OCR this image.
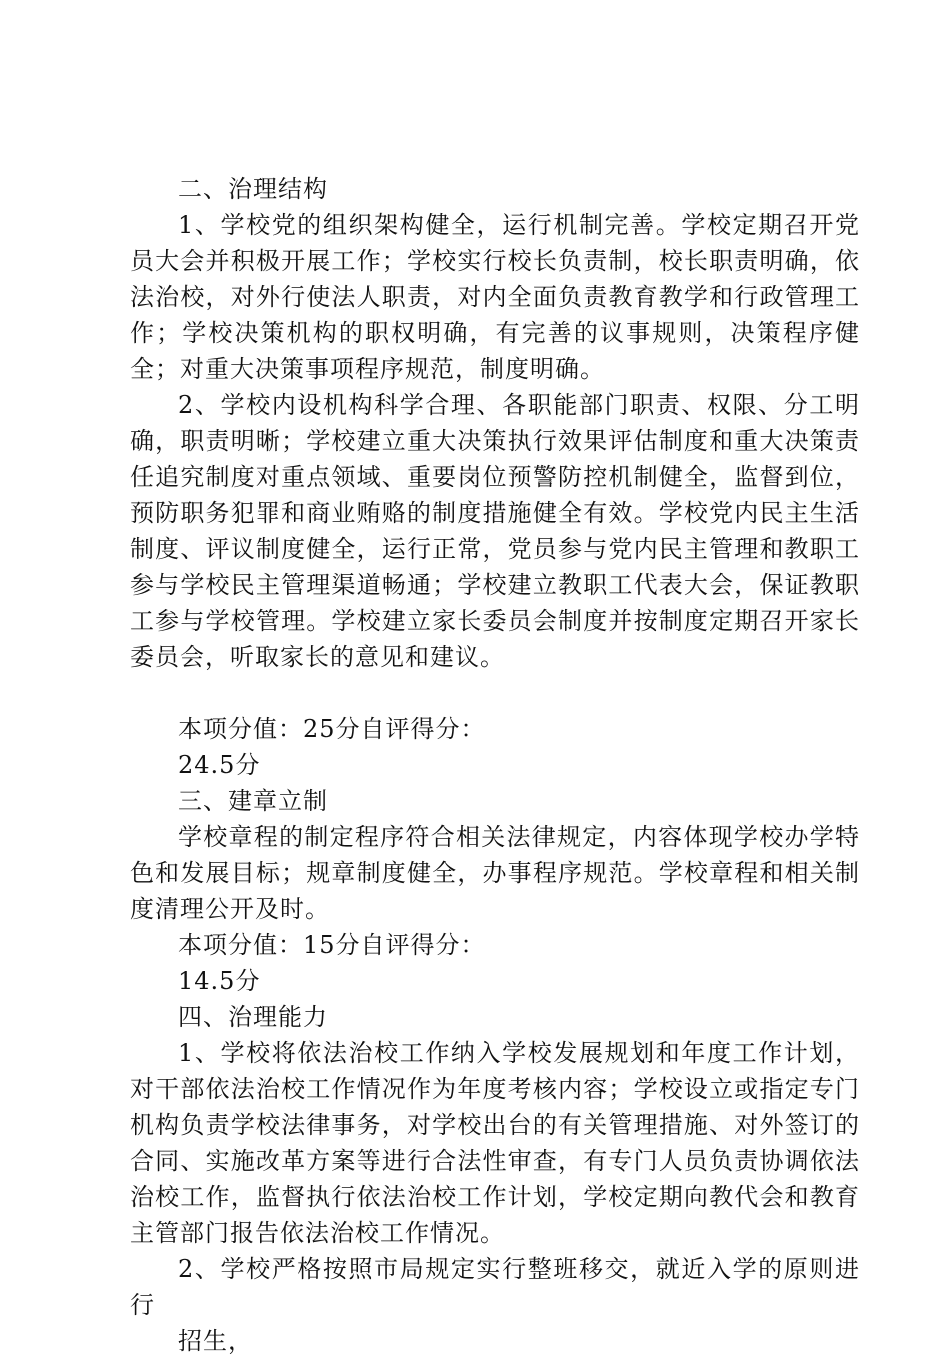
二、治理结构

1、学校党的组织架构健全，运行机制完善。学校定期召开党员大会并积极开展工作；学校实行校长负责制，校长职责明确，依法治校，对外行使法人职责，对内全面负责教育教学和行政管理工作；学校决策机构的职权明确，有完善的议事规则，决策程序健全；对重大决策事项程序规范，制度明确。

2、学校内设机构科学合理、各职能部门职责、权限、分工明确，职责明晰；学校建立重大决策执行效果评估制度和重大决策责任追究制度对重点领域、重要岗位预警防控机制健全，监督到位，预防职务犯罪和商业贿赂的制度措施健全有效。学校党内民主生活制度、评议制度健全，运行正常，党员参与党内民主管理和教职工参与学校民主管理渠道畅通；学校建立教职工代表大会，保证教职工参与学校管理。学校建立家长委员会制度并按制度定期召开家长委员会，听取家长的意见和建议。

本项分值：25分自评得分：

24.5分

三、建章立制

学校章程的制定程序符合相关法律规定，内容体现学校办学特色和发展目标；规章制度健全，办事程序规范。学校章程和相关制度清理公开及时。

本项分值：15分自评得分：

14.5分

四、治理能力

1、学校将依法治校工作纳入学校发展规划和年度工作计划，对干部依法治校工作情况作为年度考核内容；学校设立或指定专门机构负责学校法律事务，对学校出台的有关管理措施、对外签订的合同、实施改革方案等进行合法性审查，有专门人员负责协调依法治校工作，监督执行依法治校工作计划，学校定期向教代会和教育主管部门报告依法治校工作情况。

2、学校严格按照市局规定实行整班移交，就近入学的原则进行

招生，
